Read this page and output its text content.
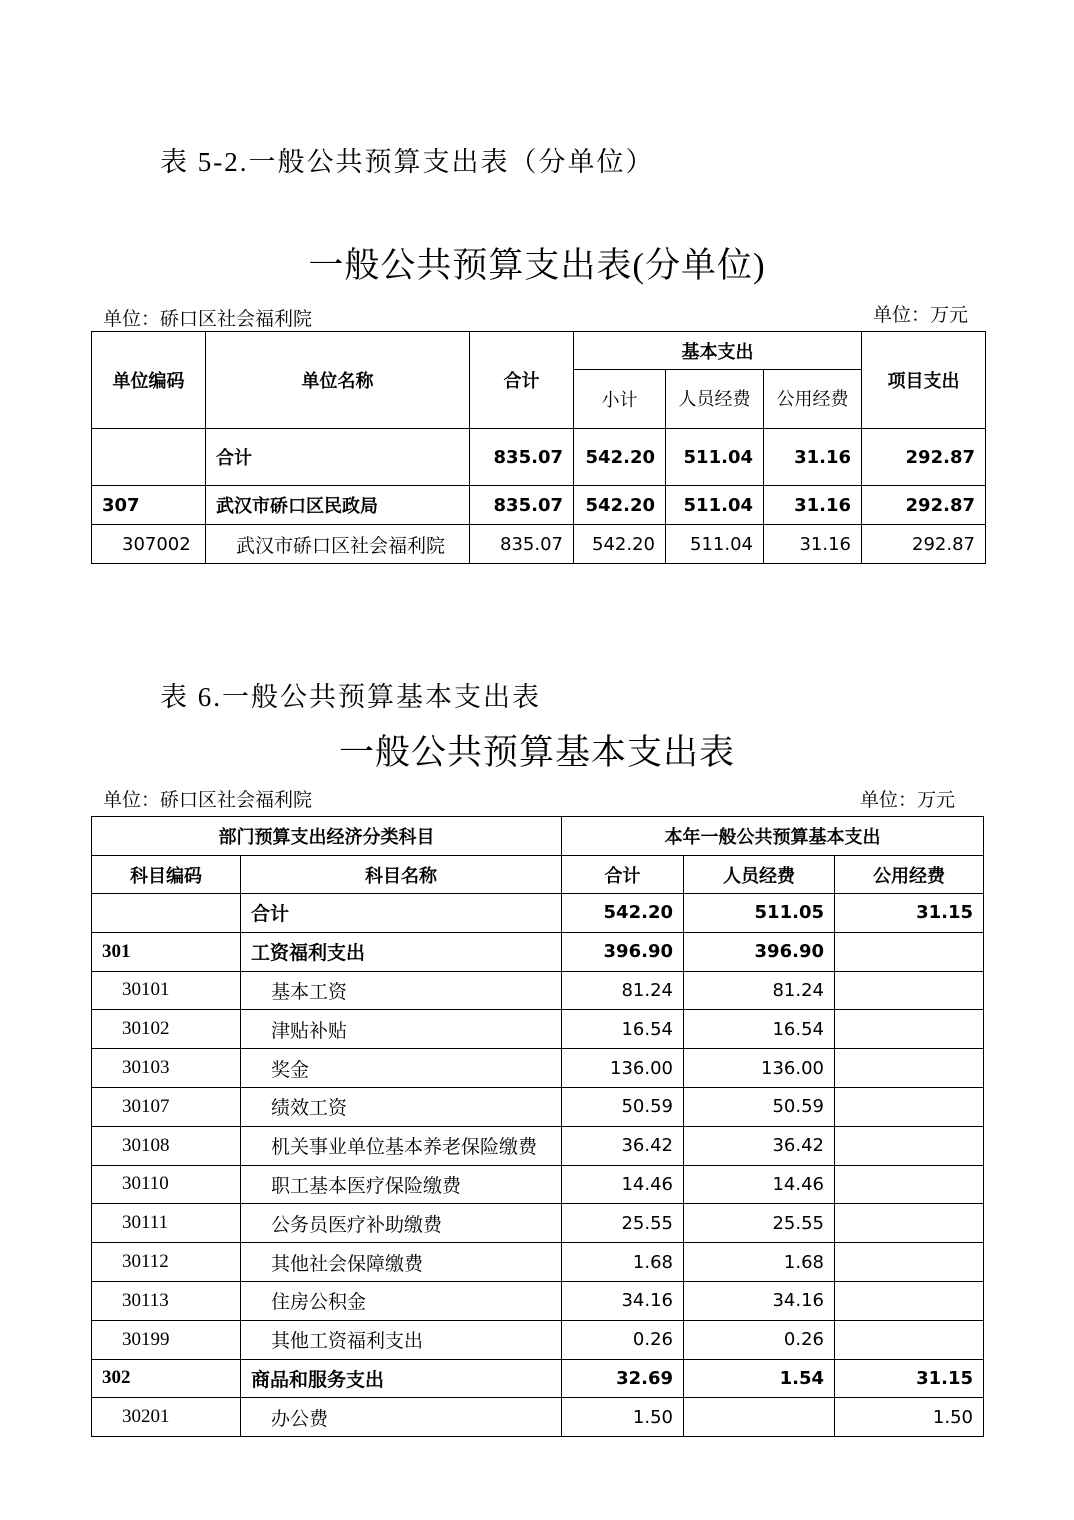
表 5-2.一般公共预算支出表（分单位）
一般公共预算支出表(分单位)
单位：硚口区社会福利院	单位：万元
单位编码	单位名称	合计	基本支出			项目支出
			小计	人员经费	公用经费	
	合计	835.07	542.20	511.04	31.16	292.87
307	武汉市硚口区民政局	835.07	542.20	511.04	31.16	292.87
307002	武汉市硚口区社会福利院	835.07	542.20	511.04	31.16	292.87
表 6.一般公共预算基本支出表
一般公共预算基本支出表
单位：硚口区社会福利院	单位：万元
部门预算支出经济分类科目		本年一般公共预算基本支出		
科目编码	科目名称	合计	人员经费	公用经费
	合计	542.20	511.05	31.15
301	工资福利支出	396.90	396.90	
30101	基本工资	81.24	81.24	
30102	津贴补贴	16.54	16.54	
30103	奖金	136.00	136.00	
30107	绩效工资	50.59	50.59	
30108	机关事业单位基本养老保险缴费	36.42	36.42	
30110	职工基本医疗保险缴费	14.46	14.46	
30111	公务员医疗补助缴费	25.55	25.55	
30112	其他社会保障缴费	1.68	1.68	
30113	住房公积金	34.16	34.16	
30199	其他工资福利支出	0.26	0.26	
302	商品和服务支出	32.69	1.54	31.15
30201	办公费	1.50		1.50
